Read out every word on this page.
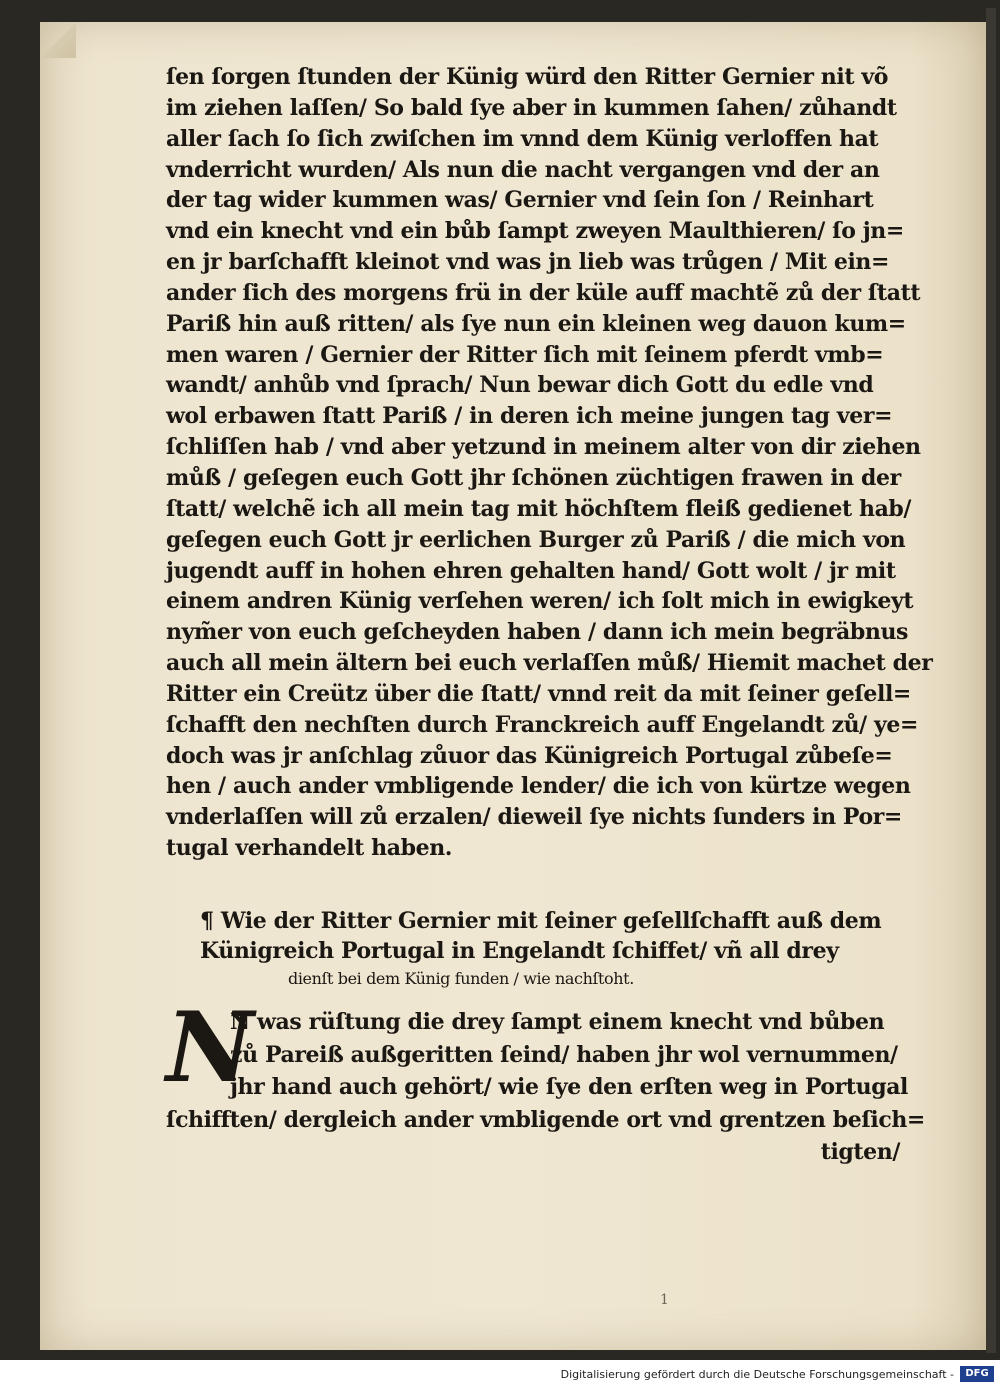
ſen ſorgen ſtunden der Künig würd den Ritter Gernier nit võ
im ziehen laſſen/ So bald ſye aber in kummen ſahen/ zůhandt
aller ſach ſo ſich zwiſchen im vnnd dem Künig verloffen hat
vnderricht wurden/ Als nun die nacht vergangen vnd der an
der tag wider kummen was/ Gernier vnd ſein ſon / Reinhart
vnd ein knecht vnd ein bůb ſampt zweyen Maulthieren/ ſo jn=
en jr barſchafft kleinot vnd was jn lieb was trůgen / Mit ein=
ander ſich des morgens frü in der küle auff machtẽ zů der ſtatt
Pariß hin auß ritten/ als ſye nun ein kleinen weg dauon kum=
men waren / Gernier der Ritter ſich mit ſeinem pferdt vmb=
wandt/ anhůb vnd ſprach/ Nun bewar dich Gott du edle vnd
wol erbawen ſtatt Pariß / in deren ich meine jungen tag ver=
ſchliſſen hab / vnd aber yetzund in meinem alter von dir ziehen
můß / geſegen euch Gott jhr ſchönen züchtigen frawen in der
ſtatt/ welchẽ ich all mein tag mit höchſtem fleiß gedienet hab/
geſegen euch Gott jr eerlichen Burger zů Pariß / die mich von
jugendt auff in hohen ehren gehalten hand/ Gott wolt / jr mit
einem andren Künig verſehen weren/ ich ſolt mich in ewigkeyt
nym̃er von euch geſcheyden haben / dann ich mein begräbnus
auch all mein ältern bei euch verlaſſen můß/ Hiemit machet der
Ritter ein Creütz über die ſtatt/ vnnd reit da mit ſeiner geſell=
ſchafft den nechſten durch Franckreich auff Engelandt zů/ ye=
doch was jr anſchlag zůuor das Künigreich Portugal zůbeſe=
hen / auch ander vmbligende lender/ die ich von kürtze wegen
vnderlaſſen will zů erzalen/ dieweil ſye nichts ſunders in Por=
tugal verhandelt haben.
¶ Wie der Ritter Gernier mit ſeiner geſellſchafft auß dem
Künigreich Portugal in Engelandt ſchiffet/ vñ all drey
dienſt bei dem Künig funden / wie nachſtoht.
N
N was rüſtung die drey ſampt einem knecht vnd bůben
zů Pareiß außgeritten ſeind/ haben jhr wol vernummen/
jhr hand auch gehört/ wie ſye den erſten weg in Portugal
ſchifften/ dergleich ander vmbligende ort vnd grentzen beſich=
tigten/
1
Digitalisierung gefördert durch die Deutsche Forschungsgemeinschaft -	DFG
